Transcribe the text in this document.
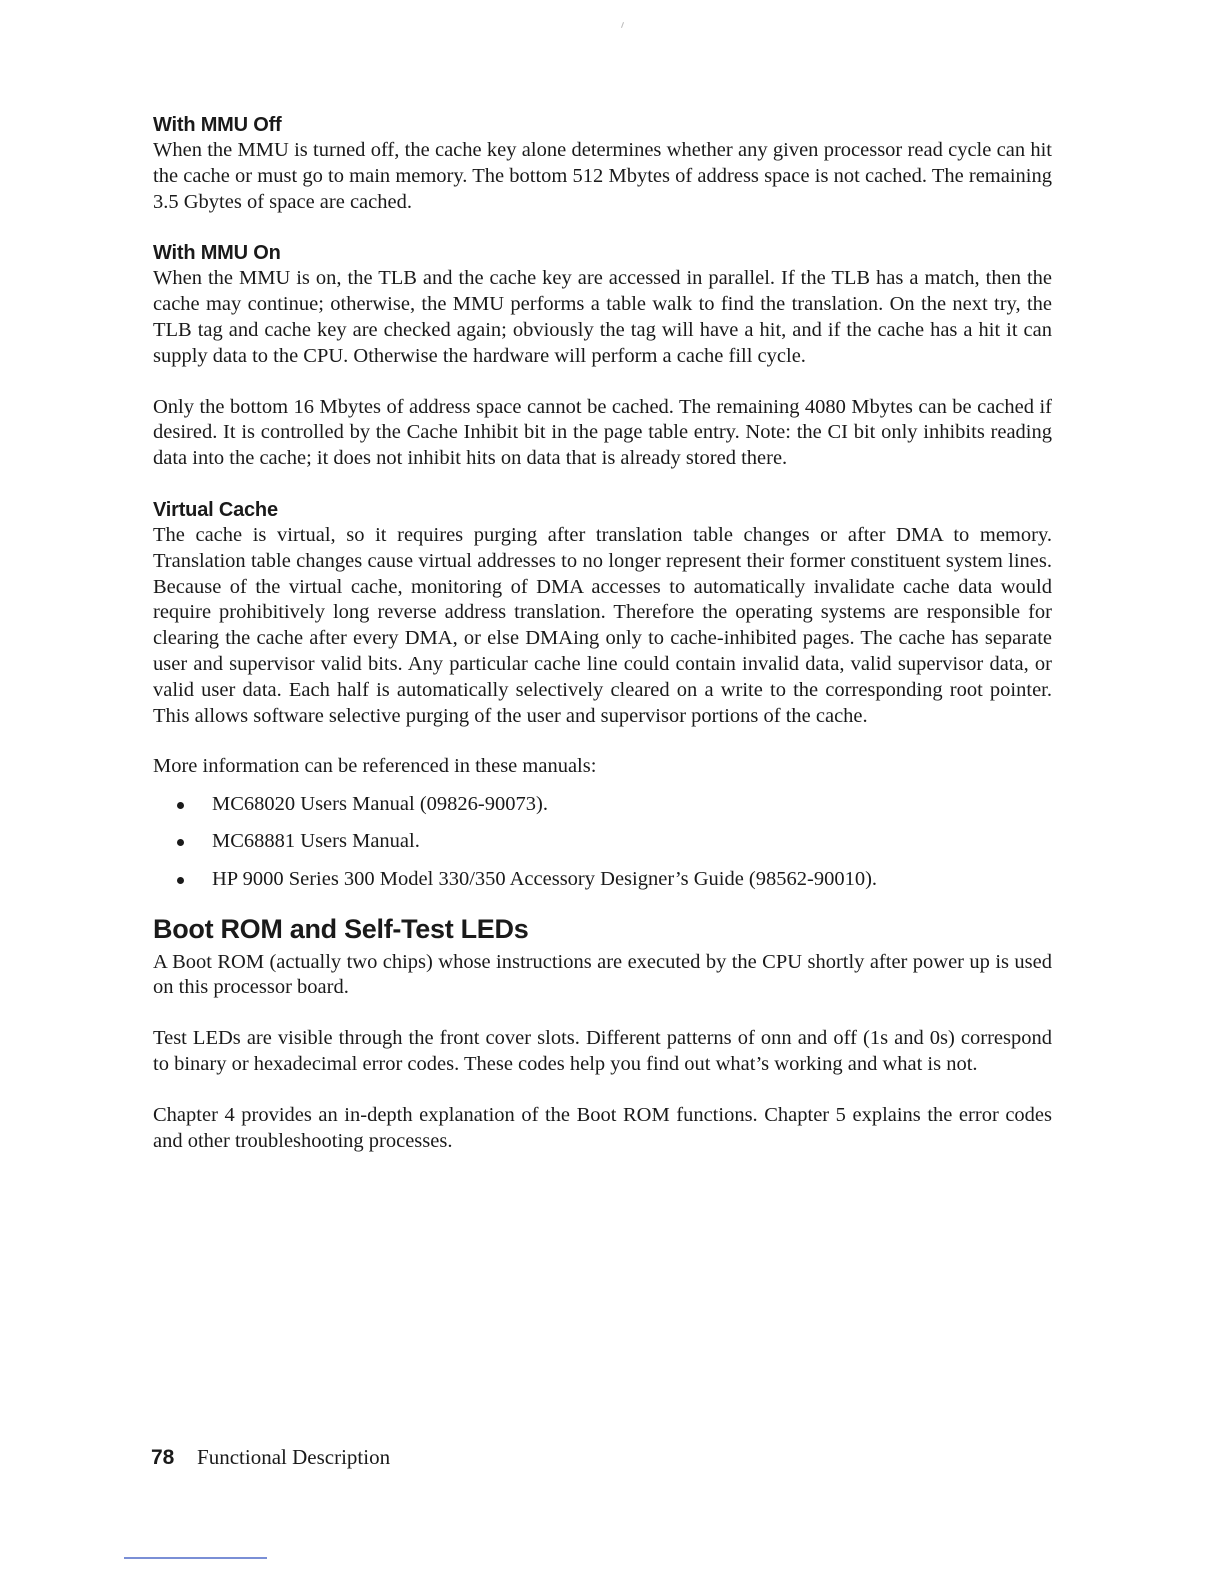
With MMU Off

When the MMU is turned off, the cache key alone determines whether any given processor read cycle can hit the cache or must go to main memory. The bottom 512 Mbytes of address space is not cached. The remaining 3.5 Gbytes of space are cached.

With MMU On

When the MMU is on, the TLB and the cache key are accessed in parallel. If the TLB has a match, then the cache may continue; otherwise, the MMU performs a table walk to find the translation. On the next try, the TLB tag and cache key are checked again; obviously the tag will have a hit, and if the cache has a hit it can supply data to the CPU. Otherwise the hardware will perform a cache fill cycle.

Only the bottom 16 Mbytes of address space cannot be cached. The remaining 4080 Mbytes can be cached if desired. It is controlled by the Cache Inhibit bit in the page table entry. Note: the CI bit only inhibits reading data into the cache; it does not inhibit hits on data that is already stored there.

Virtual Cache

The cache is virtual, so it requires purging after translation table changes or after DMA to memory. Translation table changes cause virtual addresses to no longer represent their former constituent system lines. Because of the virtual cache, monitoring of DMA accesses to automatically invalidate cache data would require prohibitively long reverse address translation. Therefore the operating systems are responsible for clearing the cache after every DMA, or else DMAing only to cache-inhibited pages. The cache has separate user and supervisor valid bits. Any particular cache line could contain invalid data, valid supervisor data, or valid user data. Each half is automatically selectively cleared on a write to the corresponding root pointer. This allows software selective purging of the user and supervisor portions of the cache.

More information can be referenced in these manuals:

MC68020 Users Manual (09826-90073).
MC68881 Users Manual.
HP 9000 Series 300 Model 330/350 Accessory Designer’s Guide (98562-90010).
Boot ROM and Self-Test LEDs

A Boot ROM (actually two chips) whose instructions are executed by the CPU shortly after power up is used on this processor board.

Test LEDs are visible through the front cover slots. Different patterns of onn and off (1s and 0s) correspond to binary or hexadecimal error codes. These codes help you find out what’s working and what is not.

Chapter 4 provides an in-depth explanation of the Boot ROM functions. Chapter 5 explains the error codes and other troubleshooting processes.

78 Functional Description
